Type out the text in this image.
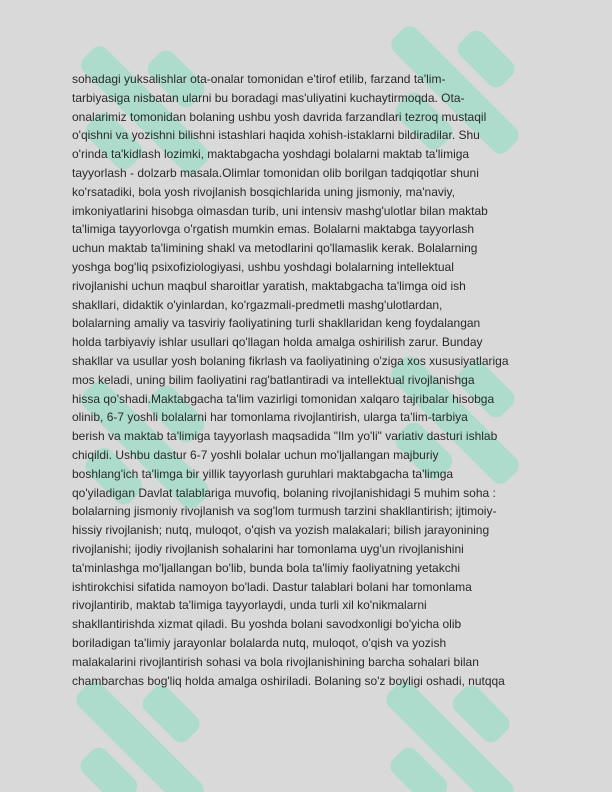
sohadagi yuksalishlar ota-onalar tomonidan e'tirof etilib, farzand ta'lim-
tarbiyasiga nisbatan ularni bu boradagi mas'uliyatini kuchaytirmoqda. Ota-
onalarimiz tomonidan bolaning ushbu yosh davrida farzandlari tezroq mustaqil
o'qishni va yozishni bilishni istashlari haqida xohish-istaklarni bildiradilar. Shu
o'rinda ta'kidlash lozimki, maktabgacha yoshdagi bolalarni maktab ta'limiga
tayyorlash - dolzarb masala.Olimlar tomonidan olib borilgan tadqiqotlar shuni
ko'rsatadiki, bola yosh rivojlanish bosqichlarida uning jismoniy, ma'naviy,
imkoniyatlarini hisobga olmasdan turib, uni intensiv mashg'ulotlar bilan maktab
ta'limiga tayyorlovga o'rgatish mumkin emas. Bolalarni maktabga tayyorlash
uchun maktab ta'limining shakl va metodlarini qo'llamaslik kerak. Bolalarning
yoshga bog'liq psixofiziologiyasi, ushbu yoshdagi bolalarning intellektual
rivojlanishi uchun maqbul sharoitlar yaratish, maktabgacha ta'limga oid ish
shakllari, didaktik o'yinlardan, ko'rgazmali-predmetli mashg'ulotlardan,
bolalarning amaliy va tasviriy faoliyatining turli shakllaridan keng foydalangan
holda tarbiyaviy ishlar usullari qo'llagan holda amalga oshirilish zarur. Bunday
shakllar va usullar yosh bolaning fikrlash va faoliyatining o'ziga xos xususiyatlariga
mos keladi, uning bilim faoliyatini rag'batlantiradi va intellektual rivojlanishga
hissa qo'shadi.Maktabgacha ta'lim vazirligi tomonidan xalqaro tajribalar hisobga
olinib, 6-7 yoshli bolalarni har tomonlama rivojlantirish, ularga ta'lim-tarbiya
berish va maktab ta'limiga tayyorlash maqsadida "Ilm yo'li" variativ dasturi ishlab
chiqildi. Ushbu dastur 6-7 yoshli bolalar uchun mo'ljallangan majburiy
boshlang'ich ta'limga bir yillik tayyorlash guruhlari maktabgacha ta'limga
qo'yiladigan Davlat talablariga muvofiq, bolaning rivojlanishidagi 5 muhim soha :
bolalarning jismoniy rivojlanish va sog'lom turmush tarzini shakllantirish; ijtimoiy-
hissiy rivojlanish; nutq, muloqot, o'qish va yozish malakalari; bilish jarayonining
rivojlanishi; ijodiy rivojlanish sohalarini har tomonlama uyg'un rivojlanishini
ta'minlashga mo'ljallangan bo'lib, bunda bola ta'limiy faoliyatning yetakchi
ishtirokchisi sifatida namoyon bo'ladi. Dastur talablari bolani har tomonlama
rivojlantirib, maktab ta'limiga tayyorlaydi, unda turli xil ko'nikmalarni
shakllantirishda xizmat qiladi. Bu yoshda bolani savodxonligi bo'yicha olib
boriladigan ta'limiy jarayonlar bolalarda nutq, muloqot, o'qish va yozish
malakalarini rivojlantirish sohasi va bola rivojlanishining barcha sohalari bilan
chambarchas bog'liq holda amalga oshiriladi. Bolaning so'z boyligi oshadi, nutqqa
